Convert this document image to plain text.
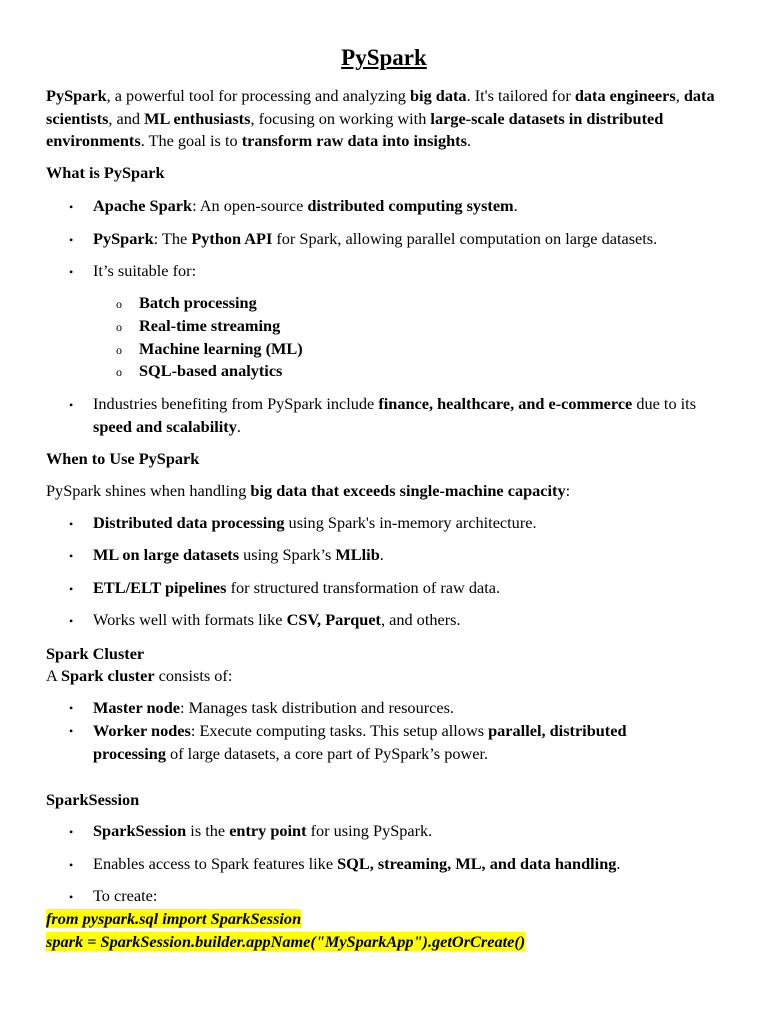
PySpark
PySpark, a powerful tool for processing and analyzing big data. It's tailored for data engineers, data scientists, and ML enthusiasts, focusing on working with large-scale datasets in distributed environments. The goal is to transform raw data into insights.
What is PySpark
• Apache Spark: An open-source distributed computing system.
• PySpark: The Python API for Spark, allowing parallel computation on large datasets.
• It’s suitable for:
o Batch processing
o Real-time streaming
o Machine learning (ML)
o SQL-based analytics
• Industries benefiting from PySpark include finance, healthcare, and e-commerce due to its speed and scalability.
When to Use PySpark
PySpark shines when handling big data that exceeds single-machine capacity:
• Distributed data processing using Spark's in-memory architecture.
• ML on large datasets using Spark’s MLlib.
• ETL/ELT pipelines for structured transformation of raw data.
• Works well with formats like CSV, Parquet, and others.
Spark Cluster
A Spark cluster consists of:
• Master node: Manages task distribution and resources.
• Worker nodes: Execute computing tasks. This setup allows parallel, distributed processing of large datasets, a core part of PySpark’s power.
SparkSession
• SparkSession is the entry point for using PySpark.
• Enables access to Spark features like SQL, streaming, ML, and data handling.
• To create:
from pyspark.sql import SparkSession
spark = SparkSession.builder.appName("MySparkApp").getOrCreate()
